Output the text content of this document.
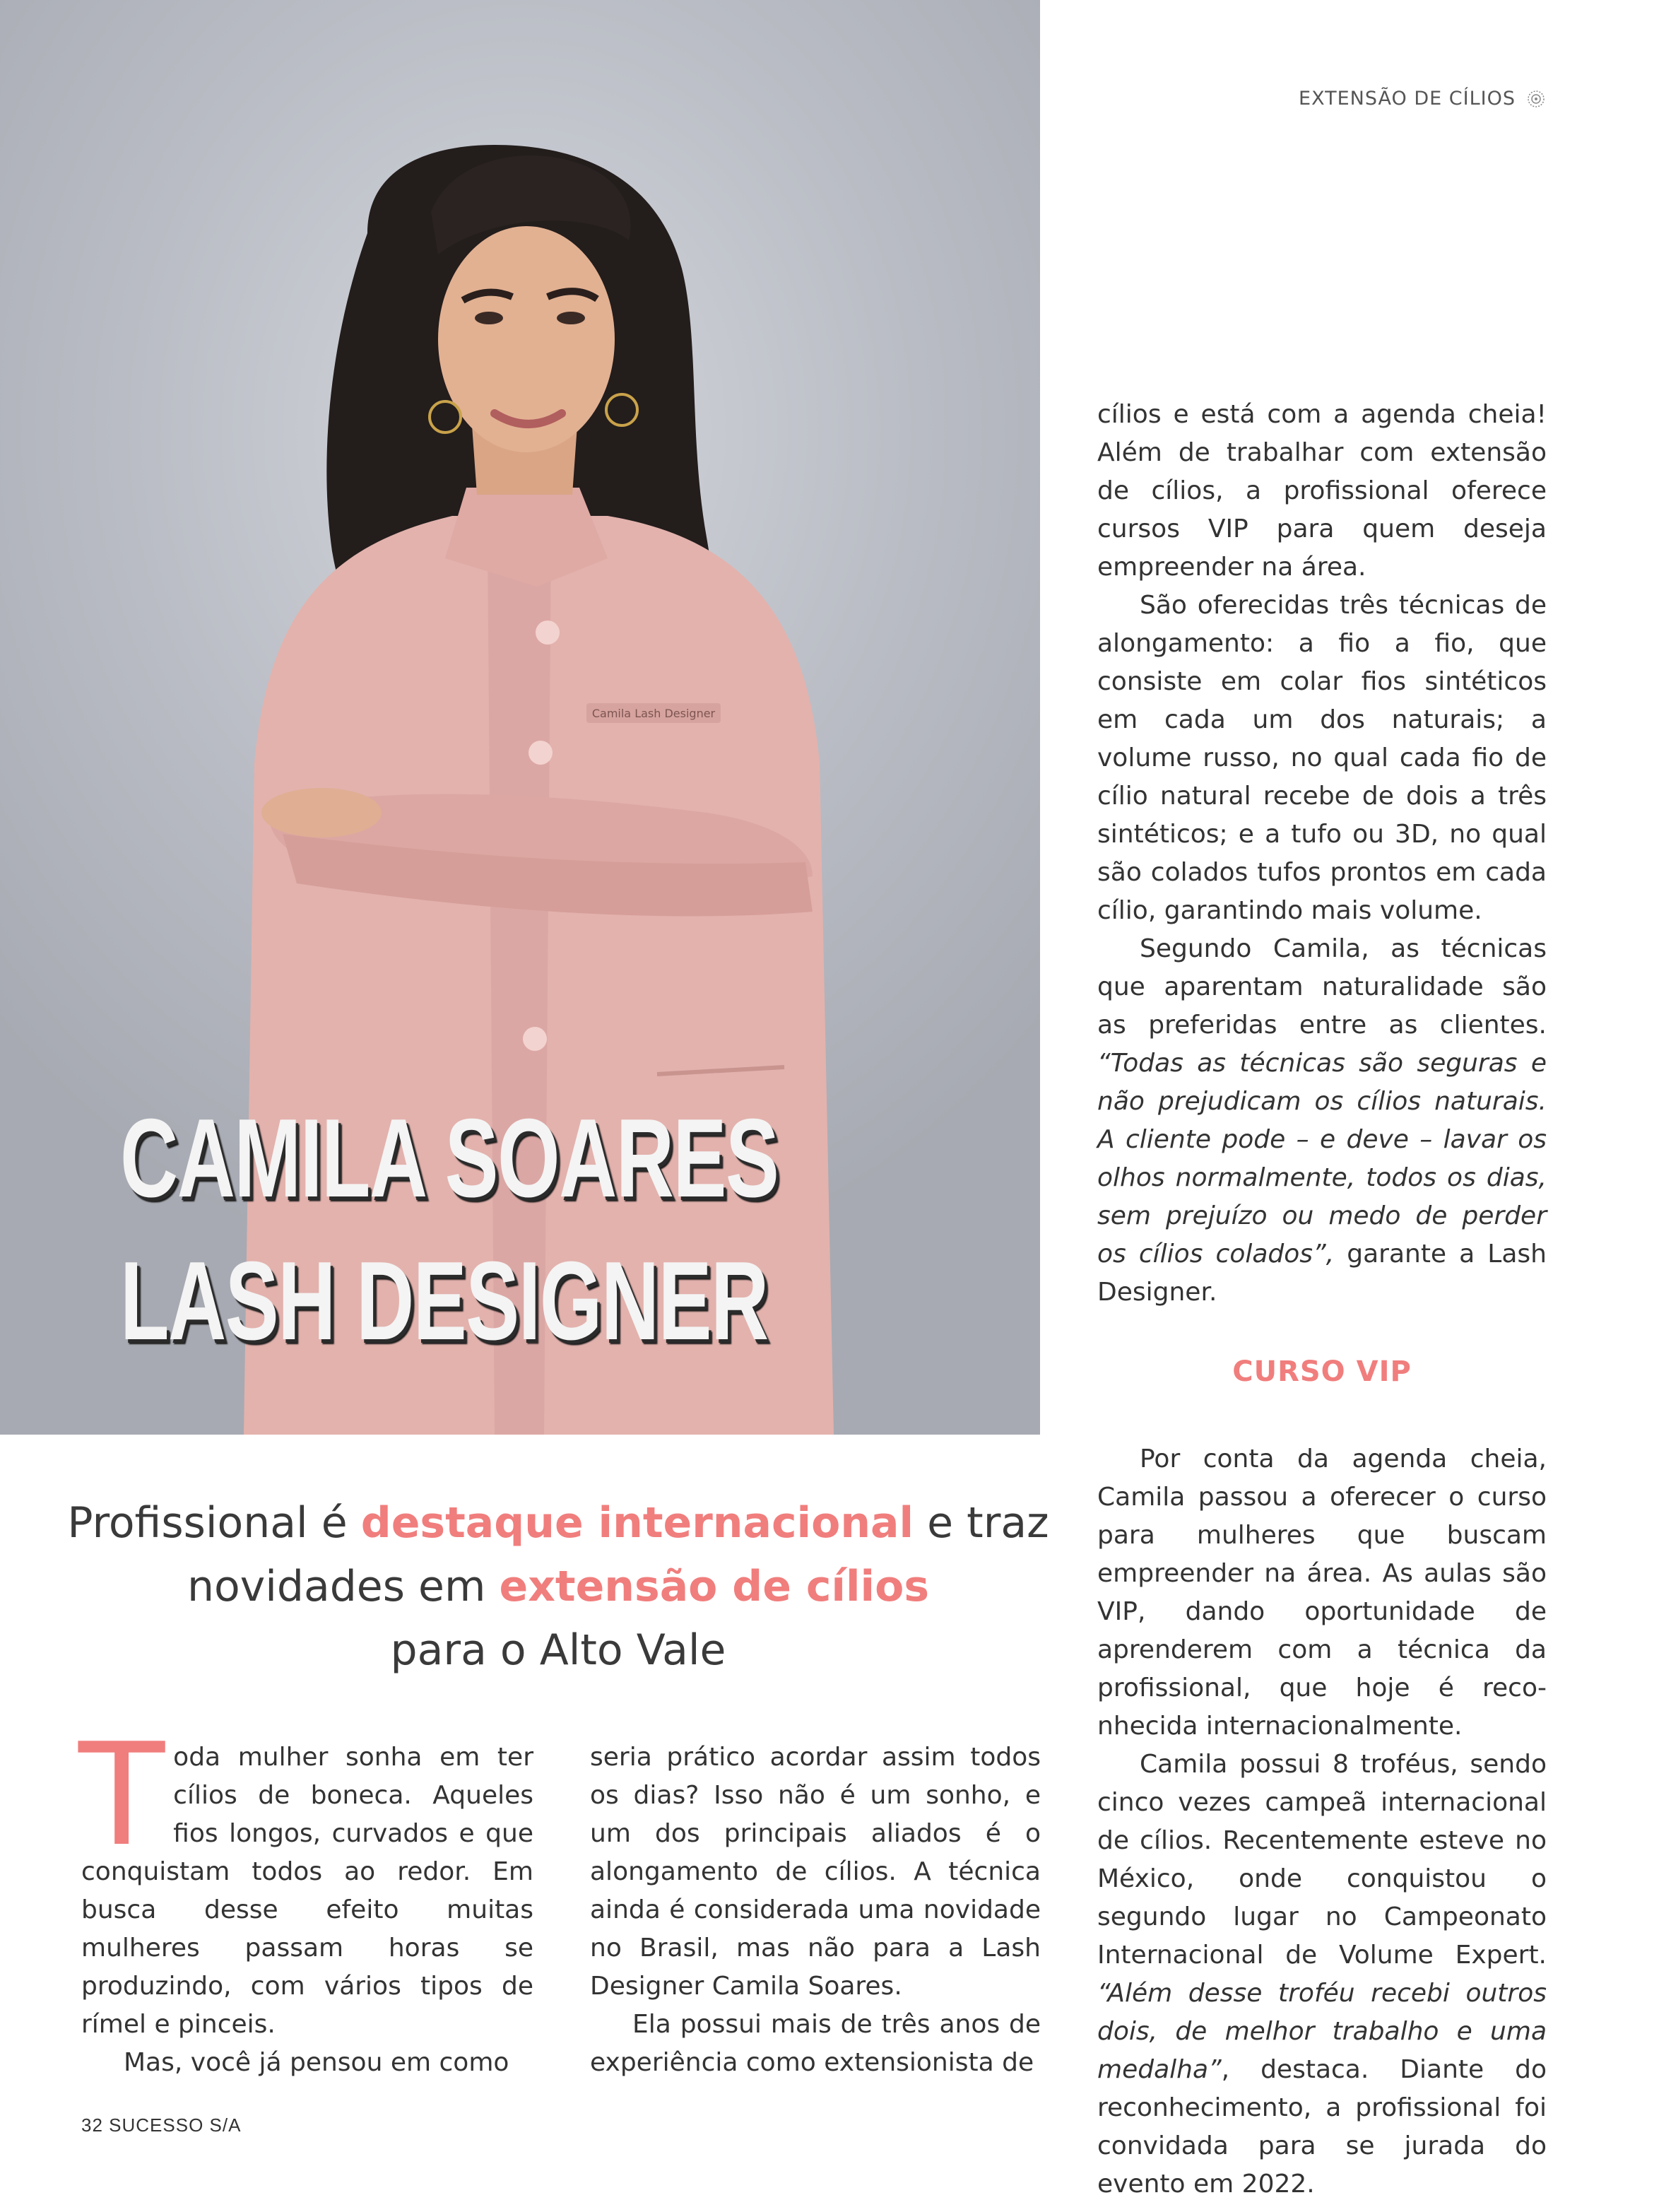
Camila Lash Designer
CAMILA SOARES
LASH DESIGNER
EXTENSÃO DE CÍLIOS
Profissional é destaque internacional e traz novidades em extensão de cílios
para o Alto Vale

Toda mulher sonha em ter cílios de boneca. Aqueles fios longos, curvados e que conquistam todos ao redor. Em busca desse efeito muitas mulheres passam horas se produzindo, com vários tipos de rímel e pinceis.

Mas, você já pensou em como

seria prático acordar assim todos os dias? Isso não é um sonho, e um dos principais aliados é o alongamento de cílios. A técnica ainda é considerada uma novidade no Brasil, mas não para a Lash Designer Camila Soares.

Ela possui mais de três anos de experiência como extensionista de

cílios e está com a agenda cheia! Além de trabalhar com extensão de cílios, a profissional oferece cursos VIP para quem deseja empreender na área.

São oferecidas três técnicas de alongamento: a fio a fio, que consiste em colar fios sintéticos em cada um dos naturais; a volume russo, no qual cada fio de cílio natural recebe de dois a três sintéticos; e a tufo ou 3D, no qual são colados tufos prontos em cada cílio, garantindo mais volume.

Segundo Camila, as técnicas que aparentam naturalidade são as preferidas entre as clientes. “Todas as técnicas são seguras e não prejudicam os cílios naturais. A cliente pode – e deve – lavar os olhos normalmente, todos os dias, sem prejuízo ou medo de perder os cílios colados”, garante a Lash Designer.

CURSO VIP

Por conta da agenda cheia, Camila passou a oferecer o curso para mulheres que buscam empreender na área. As aulas são VIP, dando oportunidade de aprenderem com a técnica da profissional, que hoje é reconhecida internacionalmente.

Camila possui 8 troféus, sendo cinco vezes campeã internacional de cílios. Recentemente esteve no México, onde conquistou o segundo lugar no Campeonato Internacional de Volume Expert. “Além desse troféu recebi outros dois, de melhor trabalho e uma medalha”, destaca. Diante do reconhecimento, a profissional foi convidada para se jurada do evento em 2022.

32 SUCESSO S/A
